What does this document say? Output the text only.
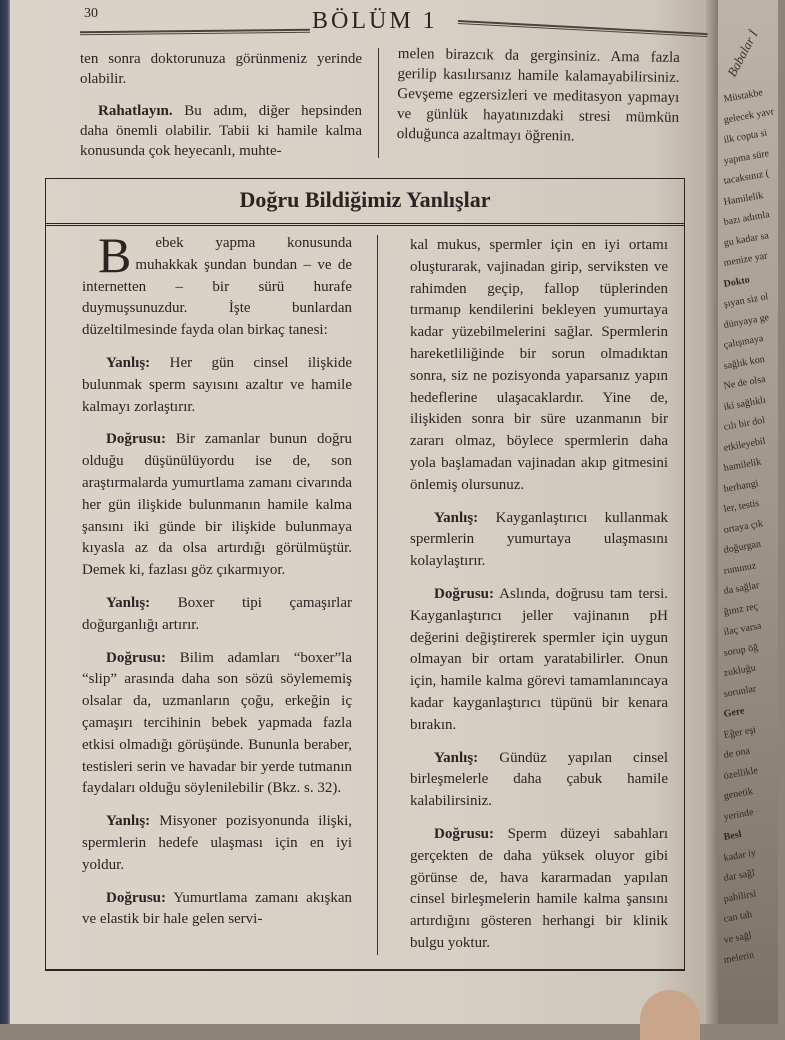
Müstakbe
gelecek yavr
ilk copta si
yapma süre
tacaksınız (
Hamilelik
bazı adımla
gu kadar sa
menize yar
Dokto
şıyan siz ol
dünyaya ge
çalışmaya
sağlık kon
Ne de olsa
iki sağlıklı
cılı bir dol
etkileyebil
hamilelik
herhangi
ler, testis
ortaya çık
doğurgan
rununuz
da sağlar
ğınız reç
ilaç varsa
sorup öğ
zukluğu
sorunlar
Gere
Eğer eşi
de ona
özellikle
genetik
yerinde
Besl
kadar iy
dar sağl
pabilirsi
can tah
ve sağl
melerin
Babalar İ
30	BÖLÜM 1

ten sonra doktorunuza görünmeniz yerinde olabilir.

Rahatlayın. Bu adım, diğer hepsinden daha önemli olabilir. Tabii ki hamile kalma konusunda çok heyecanlı, muhte-

melen birazcık da gerginsiniz. Ama fazla gerilip kasılırsanız hamile kalamayabilirsiniz. Gevşeme egzersizleri ve meditasyon yapmayı ve günlük hayatınızdaki stresi mümkün olduğunca azaltmayı öğrenin.

Doğru Bildiğimiz Yanlışlar

B ebek yapma konusunda muhakkak şundan bundan – ve de internetten – bir sürü hurafe duymuşsunuzdur. İşte bunlardan düzeltilmesinde fayda olan birkaç tanesi:

Yanlış: Her gün cinsel ilişkide bulunmak sperm sayısını azaltır ve hamile kalmayı zorlaştırır.

Doğrusu: Bir zamanlar bunun doğru olduğu düşünülüyordu ise de, son araştırmalarda yumurtlama zamanı civarında her gün ilişkide bulunmanın hamile kalma şansını iki günde bir ilişkide bulunmaya kıyasla az da olsa artırdığı görülmüştür. Demek ki, fazlası göz çıkarmıyor.

Yanlış: Boxer tipi çamaşırlar doğurganlığı artırır.

Doğrusu: Bilim adamları “boxer”la “slip” arasında daha son sözü söylememiş olsalar da, uzmanların çoğu, erkeğin iç çamaşırı tercihinin bebek yapmada fazla etkisi olmadığı görüşünde. Bununla beraber, testisleri serin ve havadar bir yerde tutmanın faydaları olduğu söylenilebilir (Bkz. s. 32).

Yanlış: Misyoner pozisyonunda ilişki, spermlerin hedefe ulaşması için en iyi yoldur.

Doğrusu: Yumurtlama zamanı akışkan ve elastik bir hale gelen servi-

kal mukus, spermler için en iyi ortamı oluşturarak, vajinadan girip, serviksten ve rahimden geçip, fallop tüplerinden tırmanıp kendilerini bekleyen yumurtaya kadar yüzebilmelerini sağlar. Spermlerin hareketliliğinde bir sorun olmadıktan sonra, siz ne pozisyonda yaparsanız yapın hedeflerine ulaşacaklardır. Yine de, ilişkiden sonra bir süre uzanmanın bir zararı olmaz, böylece spermlerin daha yola başlamadan vajinadan akıp gitmesini önlemiş olursunuz.

Yanlış: Kayganlaştırıcı kullanmak spermlerin yumurtaya ulaşmasını kolaylaştırır.

Doğrusu: Aslında, doğrusu tam tersi. Kayganlaştırıcı jeller vajinanın pH değerini değiştirerek spermler için uygun olmayan bir ortam yaratabilirler. Onun için, hamile kalma görevi tamamlanıncaya kadar kayganlaştırıcı tüpünü bir kenara bırakın.

Yanlış: Gündüz yapılan cinsel birleşmelerle daha çabuk hamile kalabilirsiniz.

Doğrusu: Sperm düzeyi sabahları gerçekten de daha yüksek oluyor gibi görünse de, hava kararmadan yapılan cinsel birleşmelerin hamile kalma şansını artırdığını gösteren herhangi bir klinik bulgu yoktur.
